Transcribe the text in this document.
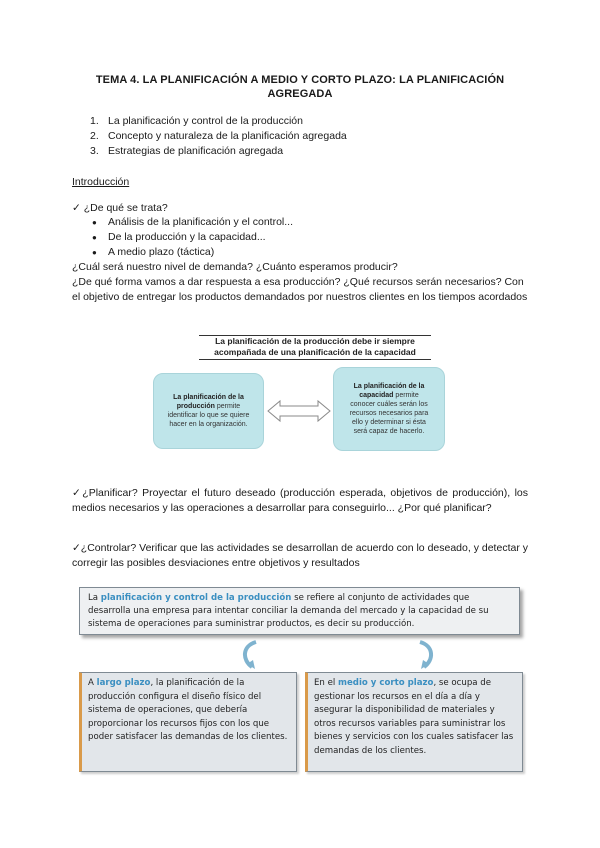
TEMA 4. LA PLANIFICACIÓN A MEDIO Y CORTO PLAZO: LA PLANIFICACIÓN AGREGADA
1. La planificación y control de la producción
2. Concepto y naturaleza de la planificación agregada
3. Estrategias de planificación agregada
Introducción
✓ ¿De qué se trata?
● Análisis de la planificación y el control...
● De la producción y la capacidad...
● A medio plazo (táctica)
¿Cuál será nuestro nivel de demanda? ¿Cuánto esperamos producir?
¿De qué forma vamos a dar respuesta a esa producción? ¿Qué recursos serán necesarios? Con el objetivo de entregar los productos demandados por nuestros clientes en los tiempos acordados
La planificación de la producción debe ir siempre acompañada de una planificación de la capacidad
La planificación de la producción permite identificar lo que se quiere hacer en la organización.
La planificación de la capacidad permite conocer cuáles serán los recursos necesarios para ello y determinar si ésta será capaz de hacerlo.
✓¿Planificar? Proyectar el futuro deseado (producción esperada, objetivos de producción), los medios necesarios y las operaciones a desarrollar para conseguirlo... ¿Por qué planificar?
✓¿Controlar? Verificar que las actividades se desarrollan de acuerdo con lo deseado, y detectar y corregir las posibles desviaciones entre objetivos y resultados
La planificación y control de la producción se refiere al conjunto de actividades que desarrolla una empresa para intentar conciliar la demanda del mercado y la capacidad de su sistema de operaciones para suministrar productos, es decir su producción.
A largo plazo, la planificación de la producción configura el diseño físico del sistema de operaciones, que debería proporcionar los recursos fijos con los que poder satisfacer las demandas de los clientes.
En el medio y corto plazo, se ocupa de gestionar los recursos en el día a día y asegurar la disponibilidad de materiales y otros recursos variables para suministrar los bienes y servicios con los cuales satisfacer las demandas de los clientes.
